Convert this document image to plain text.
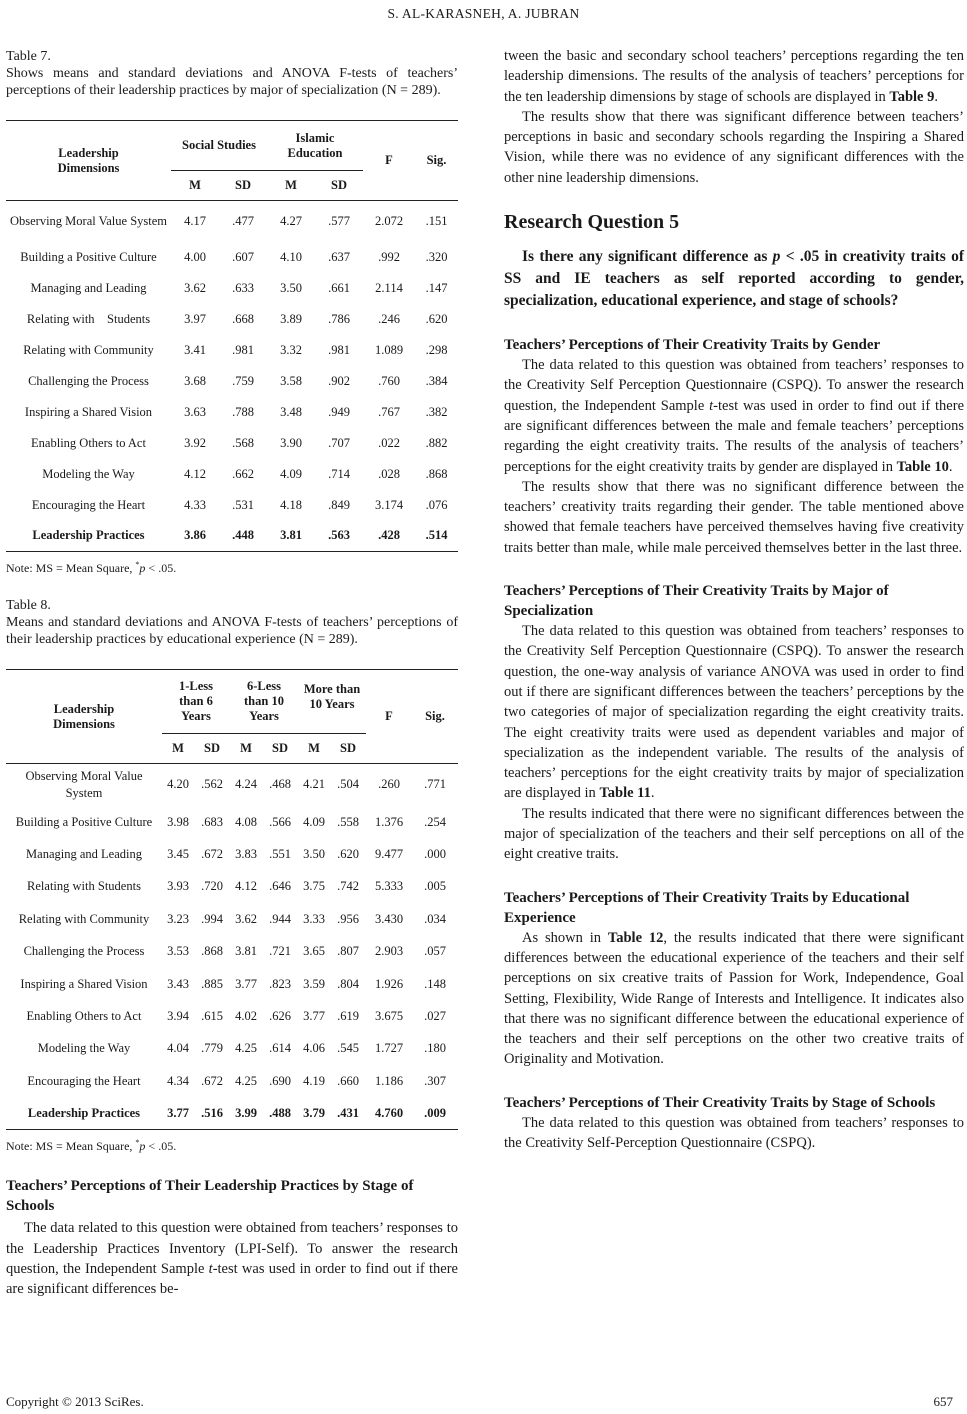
S. AL-KARASNEH, A. JUBRAN
Table 7.
Shows means and standard deviations and ANOVA F-tests of teachers’ perceptions of their leadership practices by major of specialization (N = 289).
Leadership Dimensions	Social Studies		Islamic Education		F	Sig.
	M	SD	M	SD		
Observing Moral Value System	4.17	.477	4.27	.577	2.072	.151
Building a Positive Culture	4.00	.607	4.10	.637	.992	.320
Managing and Leading	3.62	.633	3.50	.661	2.114	.147
Relating with    Students	3.97	.668	3.89	.786	.246	.620
Relating with Community	3.41	.981	3.32	.981	1.089	.298
Challenging the Process	3.68	.759	3.58	.902	.760	.384
Inspiring a Shared Vision	3.63	.788	3.48	.949	.767	.382
Enabling Others to Act	3.92	.568	3.90	.707	.022	.882
Modeling the Way	4.12	.662	4.09	.714	.028	.868
Encouraging the Heart	4.33	.531	4.18	.849	3.174	.076
Leadership Practices	3.86	.448	3.81	.563	.428	.514
Note: MS = Mean Square, *p < .05.
Table 8.
Means and standard deviations and ANOVA F-tests of teachers’ perceptions of their leadership practices by educational experience (N = 289).
Leadership Dimensions	1-Less than 6 Years		6-Less than 10 Years		More than 10 Years		F	Sig.
	M	SD	M	SD	M	SD		
Observing Moral Value System	4.20	.562	4.24	.468	4.21	.504	.260	.771
Building a Positive Culture	3.98	.683	4.08	.566	4.09	.558	1.376	.254
Managing and Leading	3.45	.672	3.83	.551	3.50	.620	9.477	.000
Relating with Students	3.93	.720	4.12	.646	3.75	.742	5.333	.005
Relating with Community	3.23	.994	3.62	.944	3.33	.956	3.430	.034
Challenging the Process	3.53	.868	3.81	.721	3.65	.807	2.903	.057
Inspiring a Shared Vision	3.43	.885	3.77	.823	3.59	.804	1.926	.148
Enabling Others to Act	3.94	.615	4.02	.626	3.77	.619	3.675	.027
Modeling the Way	4.04	.779	4.25	.614	4.06	.545	1.727	.180
Encouraging the Heart	4.34	.672	4.25	.690	4.19	.660	1.186	.307
Leadership Practices	3.77	.516	3.99	.488	3.79	.431	4.760	.009
Note: MS = Mean Square, *p < .05.

Teachers’ Perceptions of Their Leadership Practices by Stage of Schools

The data related to this question were obtained from teachers’ responses to the Leadership Practices Inventory (LPI-Self). To answer the research question, the Independent Sample t-test was used in order to find out if there are significant differences be-

tween the basic and secondary school teachers’ perceptions regarding the ten leadership dimensions. The results of the analysis of teachers’ perceptions for the ten leadership dimensions by stage of schools are displayed in Table 9.

The results show that there was significant difference between teachers’ perceptions in basic and secondary schools regarding the Inspiring a Shared Vision, while there was no evidence of any significant differences with the other nine leadership dimensions.

Research Question 5

Is there any significant difference as p < .05 in creativity traits of SS and IE teachers as self reported according to gender, specialization, educational experience, and stage of schools?

Teachers’ Perceptions of Their Creativity Traits by Gender

The data related to this question was obtained from teachers’ responses to the Creativity Self Perception Questionnaire (CSPQ). To answer the research question, the Independent Sample t-test was used in order to find out if there are significant differences between the male and female teachers’ perceptions regarding the eight creativity traits. The results of the analysis of teachers’ perceptions for the eight creativity traits by gender are displayed in Table 10.

The results show that there was no significant difference between the teachers’ creativity traits regarding their gender. The table mentioned above showed that female teachers have perceived themselves having five creativity traits better than male, while male perceived themselves better in the last three.

Teachers’ Perceptions of Their Creativity Traits by Major of Specialization

The data related to this question was obtained from teachers’ responses to the Creativity Self Perception Questionnaire (CSPQ). To answer the research question, the one-way analysis of variance ANOVA was used in order to find out if there are significant differences between the teachers’ perceptions by the two categories of major of specialization regarding the eight creativity traits. The eight creativity traits were used as dependent variables and major of specialization as the independent variable. The results of the analysis of teachers’ perceptions for the eight creativity traits by major of specialization are displayed in Table 11.

The results indicated that there were no significant differences between the major of specialization of the teachers and their self perceptions on all of the eight creative traits.

Teachers’ Perceptions of Their Creativity Traits by Educational Experience

As shown in Table 12, the results indicated that there were significant differences between the educational experience of the teachers and their self perceptions on six creative traits of Passion for Work, Independence, Goal Setting, Flexibility, Wide Range of Interests and Intelligence. It indicates also that there was no significant difference between the educational experience of the teachers and their self perceptions on the other two creative traits of Originality and Motivation.

Teachers’ Perceptions of Their Creativity Traits by Stage of Schools

The data related to this question was obtained from teachers’ responses to the Creativity Self-Perception Questionnaire (CSPQ).

Copyright © 2013 SciRes.	657
